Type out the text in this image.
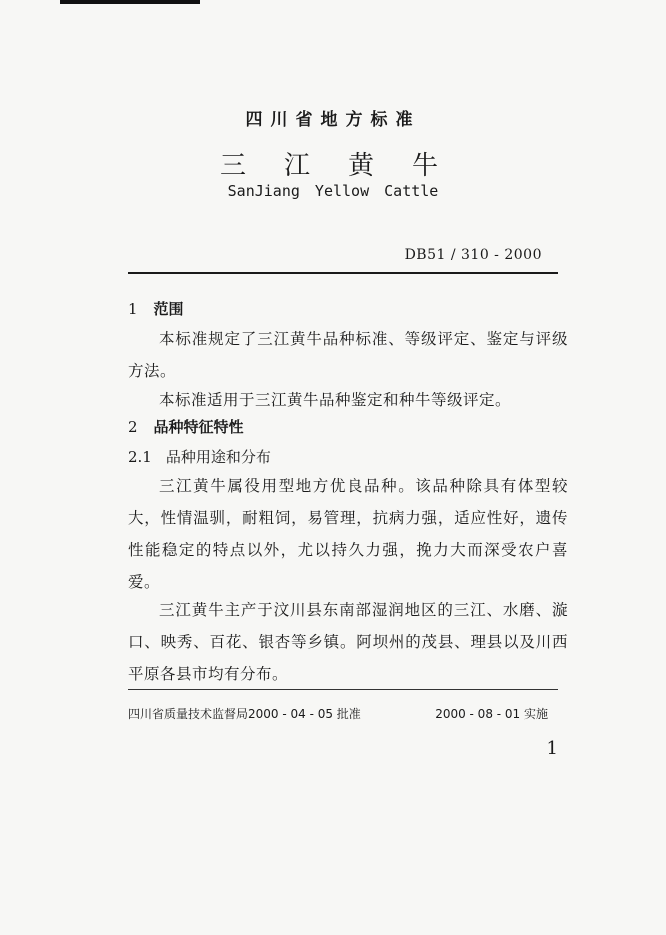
四川省地方标准
三江黄牛
SanJiang Yellow Cattle
DB51 / 310 - 2000
1 范围
本标准规定了三江黄牛品种标准、等级评定、鉴定与评级方法。
本标准适用于三江黄牛品种鉴定和种牛等级评定。
2 品种特征特性
2.1 品种用途和分布
三江黄牛属役用型地方优良品种。该品种除具有体型较大，性情温驯，耐粗饲，易管理，抗病力强，适应性好，遗传性能稳定的特点以外，尤以持久力强，挽力大而深受农户喜爱。
三江黄牛主产于汶川县东南部湿润地区的三江、水磨、漩口、映秀、百花、银杏等乡镇。阿坝州的茂县、理县以及川西平原各县市均有分布。
四川省质量技术监督局2000 - 04 - 05 批准	2000 - 08 - 01 实施
1
